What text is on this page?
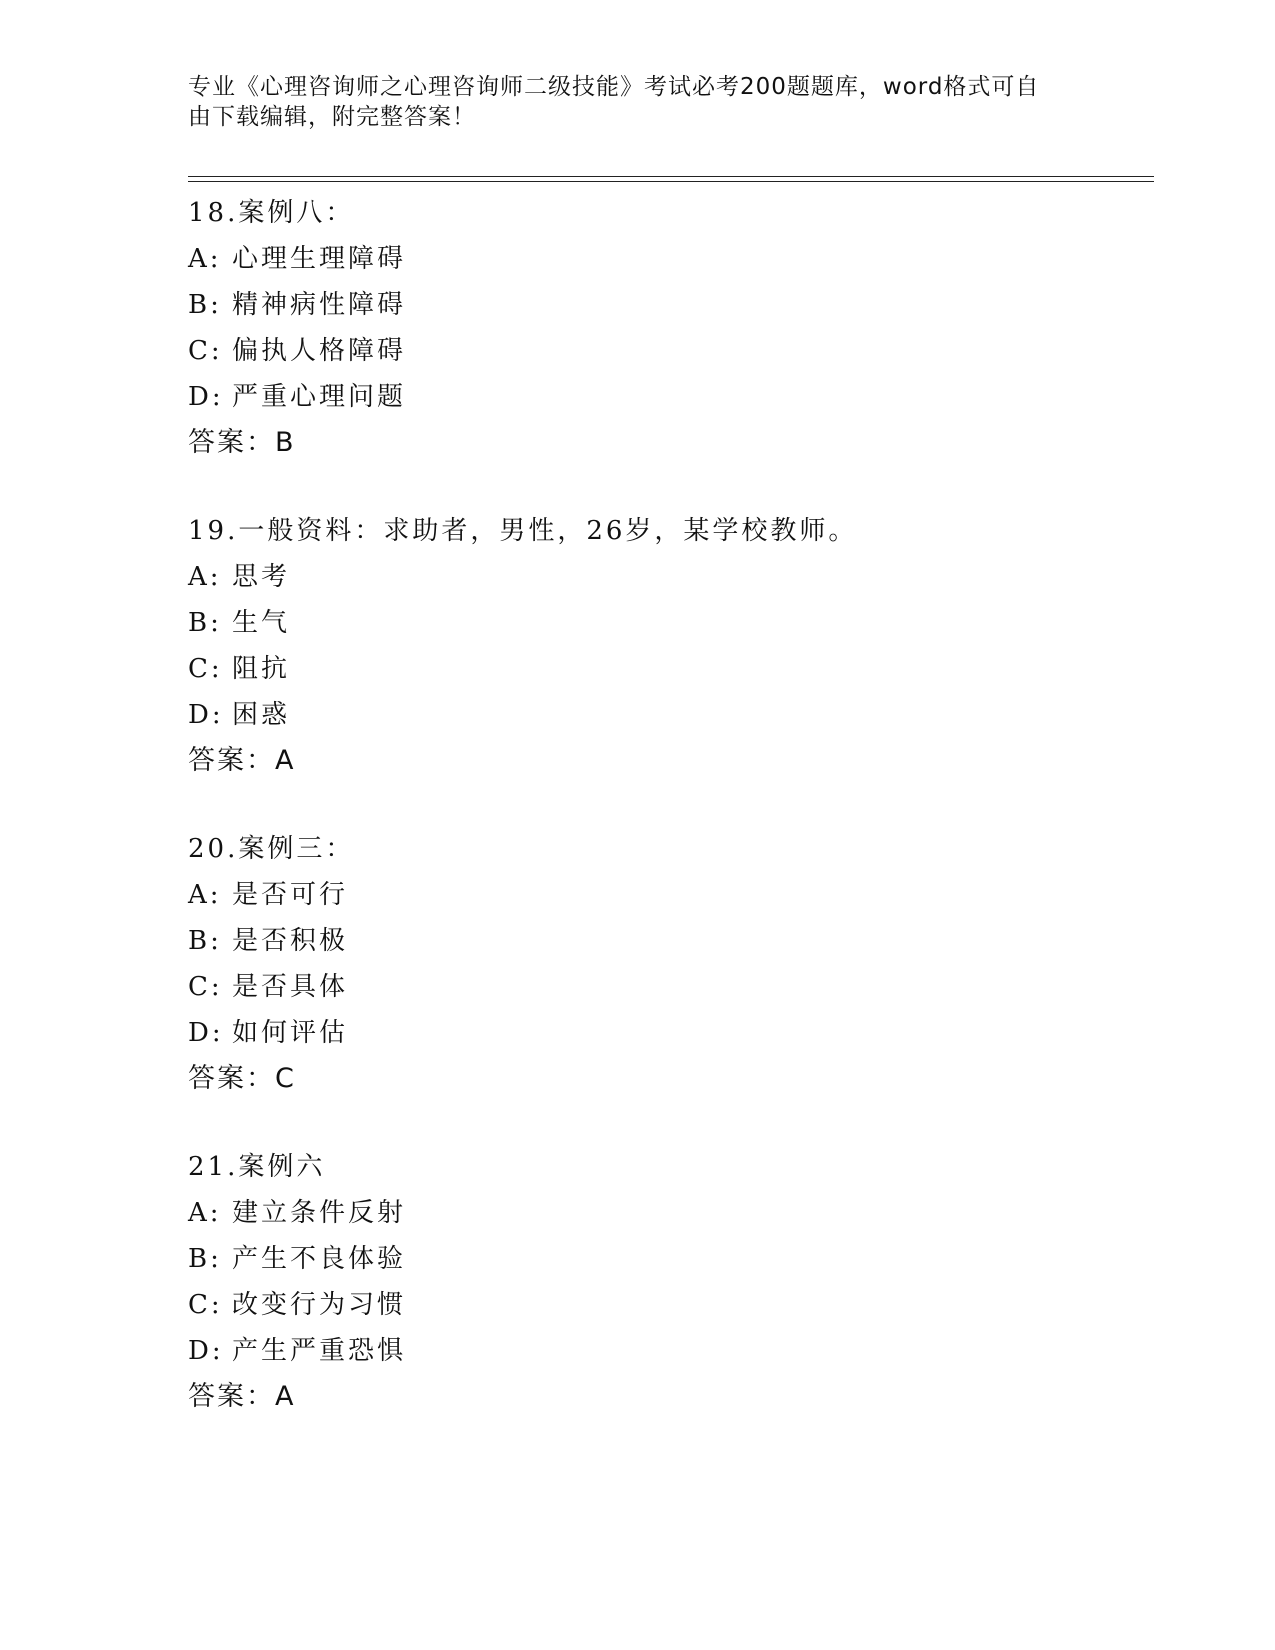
专业《心理咨询师之心理咨询师二级技能》考试必考200题题库，word格式可自
由下载编辑，附完整答案！
18.案例八：
A: 心理生理障碍
B: 精神病性障碍
C: 偏执人格障碍
D: 严重心理问题
答案：B
19.一般资料：求助者，男性，26岁，某学校教师。
A: 思考
B: 生气
C: 阻抗
D: 困惑
答案：A
20.案例三：
A: 是否可行
B: 是否积极
C: 是否具体
D: 如何评估
答案：C
21.案例六
A: 建立条件反射
B: 产生不良体验
C: 改变行为习惯
D: 产生严重恐惧
答案：A
